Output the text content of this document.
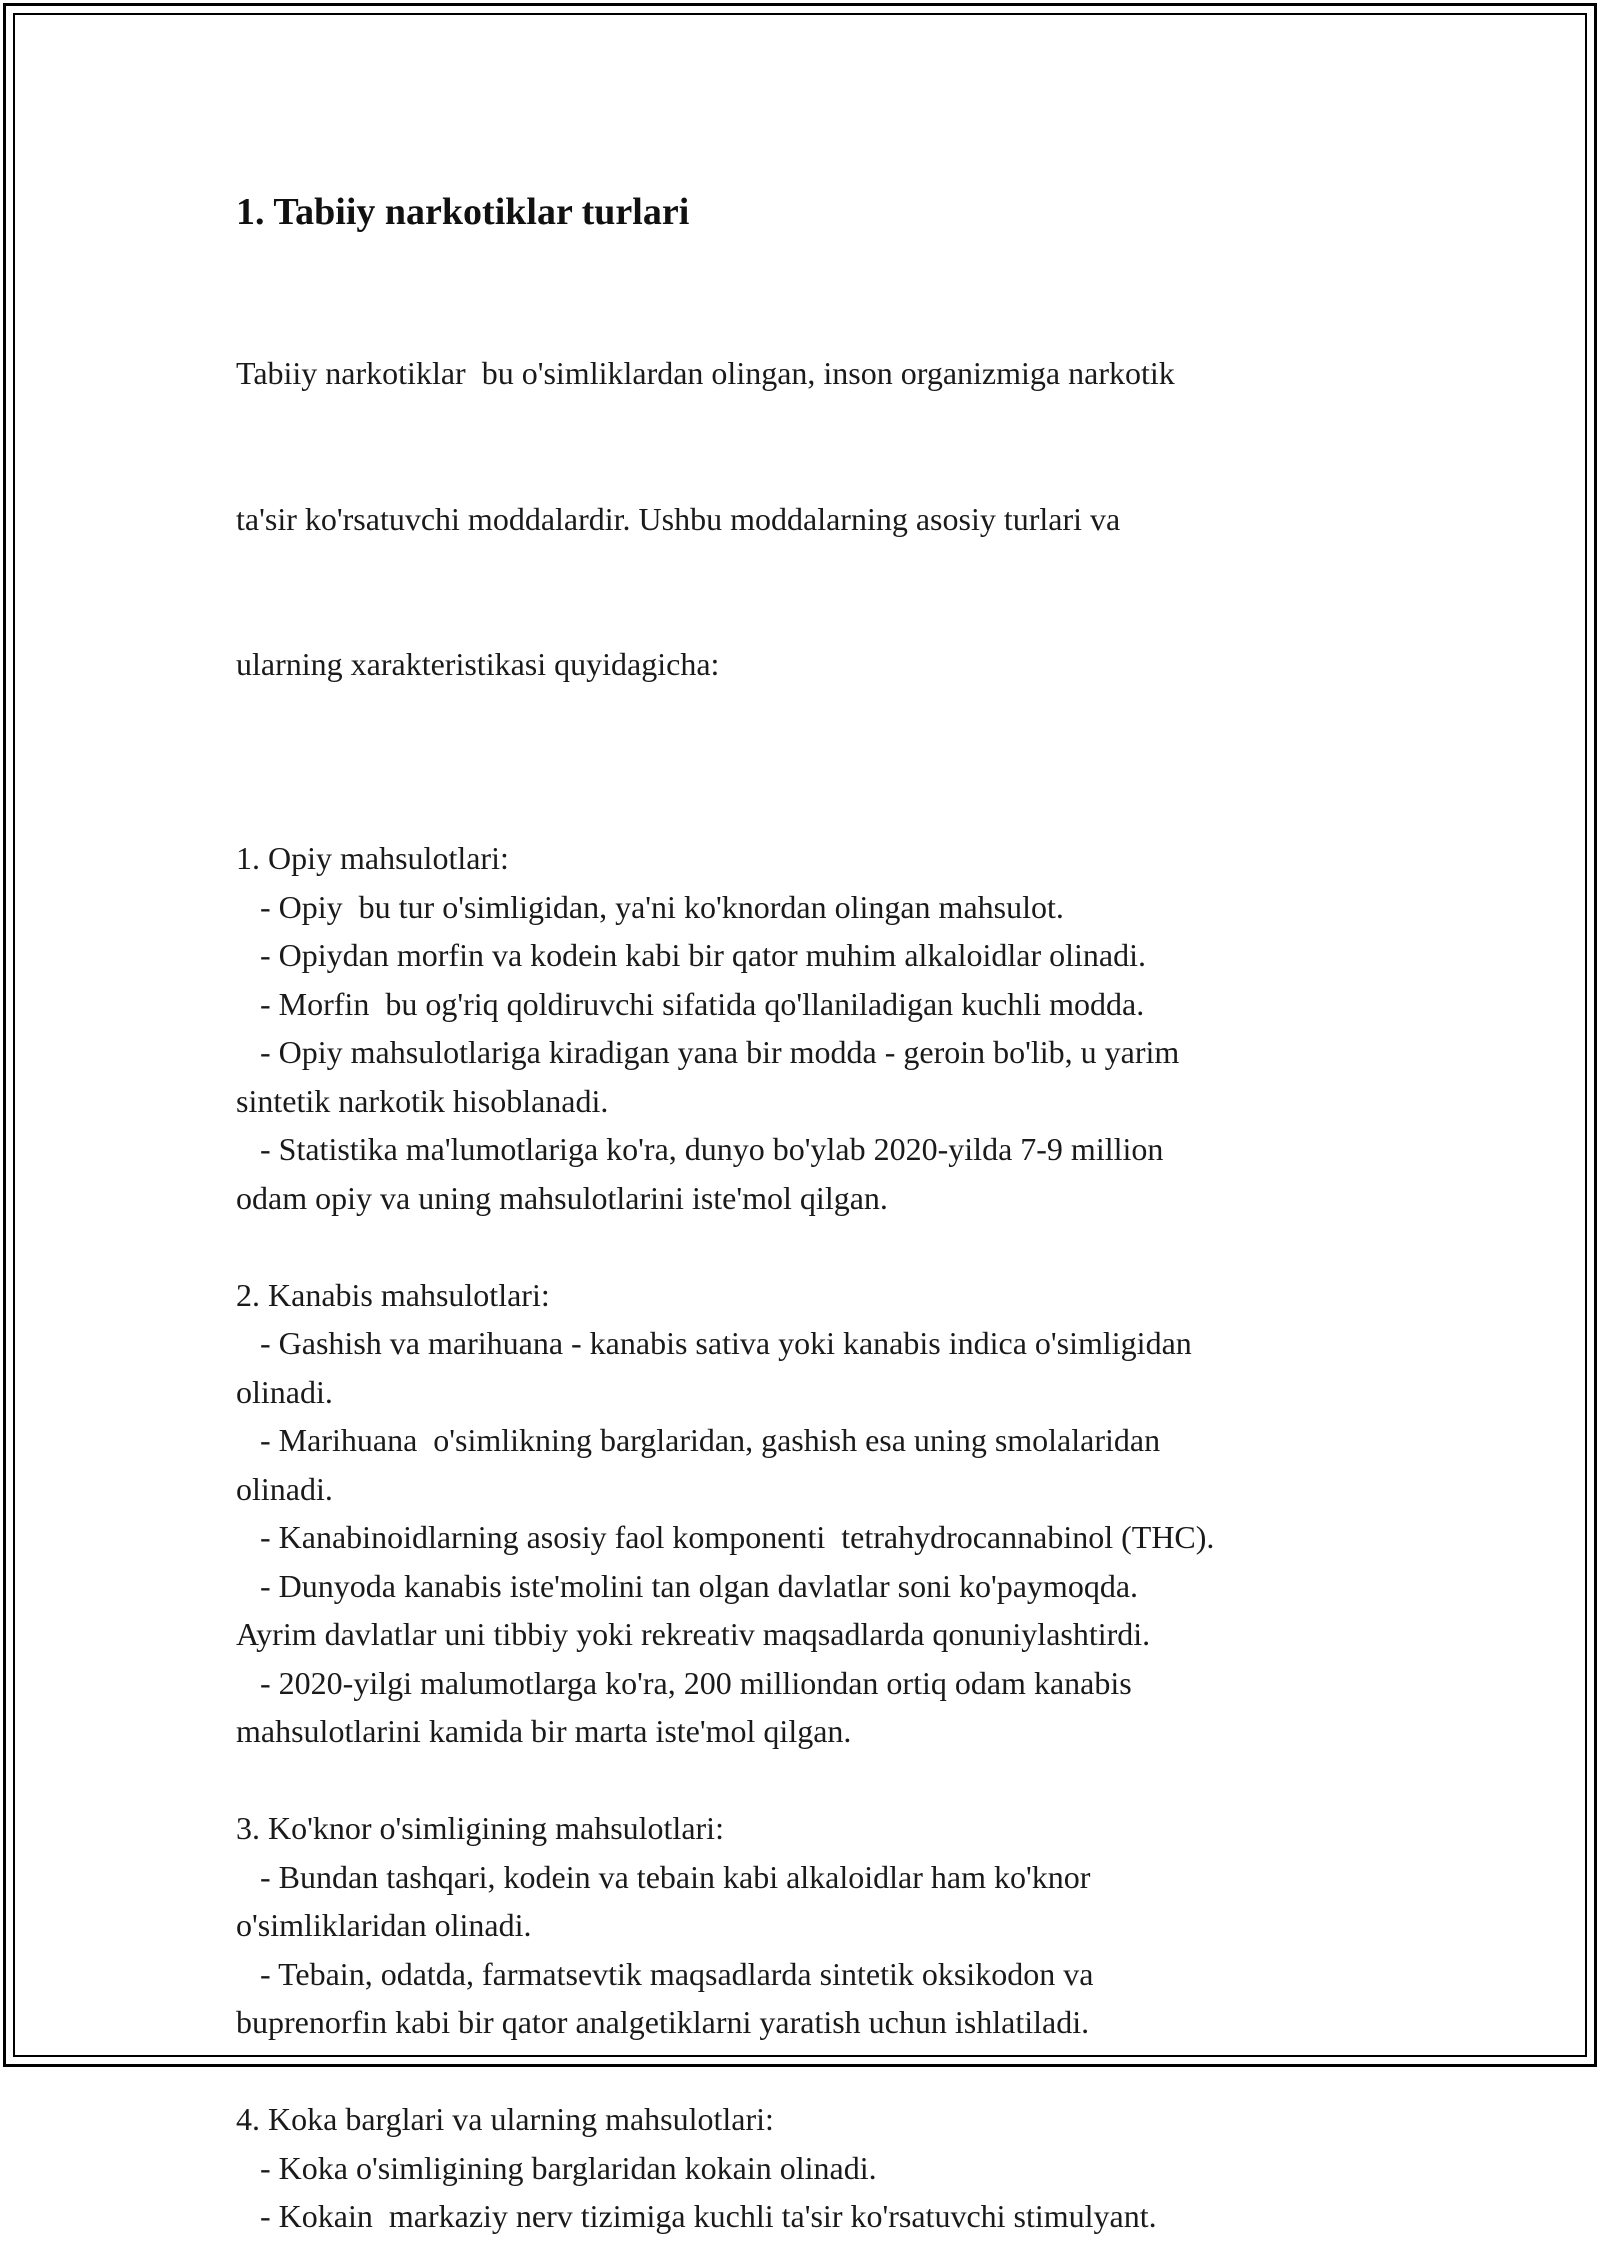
1. Tabiiy narkotiklar turlari

Tabiiy narkotiklar  bu o'simliklardan olingan, inson organizmiga narkotik

ta'sir ko'rsatuvchi moddalardir. Ushbu moddalarning asosiy turlari va

ularning xarakteristikasi quyidagicha:

1. Opiy mahsulotlari:
- Opiy  bu tur o'simligidan, ya'ni ko'knordan olingan mahsulot.
- Opiydan morfin va kodein kabi bir qator muhim alkaloidlar olinadi.
- Morfin  bu og'riq qoldiruvchi sifatida qo'llaniladigan kuchli modda.
- Opiy mahsulotlariga kiradigan yana bir modda - geroin bo'lib, u yarim
sintetik narkotik hisoblanadi.
- Statistika ma'lumotlariga ko'ra, dunyo bo'ylab 2020-yilda 7-9 million
odam opiy va uning mahsulotlarini iste'mol qilgan.
2. Kanabis mahsulotlari:
- Gashish va marihuana - kanabis sativa yoki kanabis indica o'simligidan
olinadi.
- Marihuana  o'simlikning barglaridan, gashish esa uning smolalaridan
olinadi.
- Kanabinoidlarning asosiy faol komponenti  tetrahydrocannabinol (THC).
- Dunyoda kanabis iste'molini tan olgan davlatlar soni ko'paymoqda.
Ayrim davlatlar uni tibbiy yoki rekreativ maqsadlarda qonuniylashtirdi.
- 2020-yilgi malumotlarga ko'ra, 200 milliondan ortiq odam kanabis
mahsulotlarini kamida bir marta iste'mol qilgan.
3. Ko'knor o'simligining mahsulotlari:
- Bundan tashqari, kodein va tebain kabi alkaloidlar ham ko'knor
o'simliklaridan olinadi.
- Tebain, odatda, farmatsevtik maqsadlarda sintetik oksikodon va
buprenorfin kabi bir qator analgetiklarni yaratish uchun ishlatiladi.
4. Koka barglari va ularning mahsulotlari:
- Koka o'simligining barglaridan kokain olinadi.
- Kokain  markaziy nerv tizimiga kuchli ta'sir ko'rsatuvchi stimulyant.
